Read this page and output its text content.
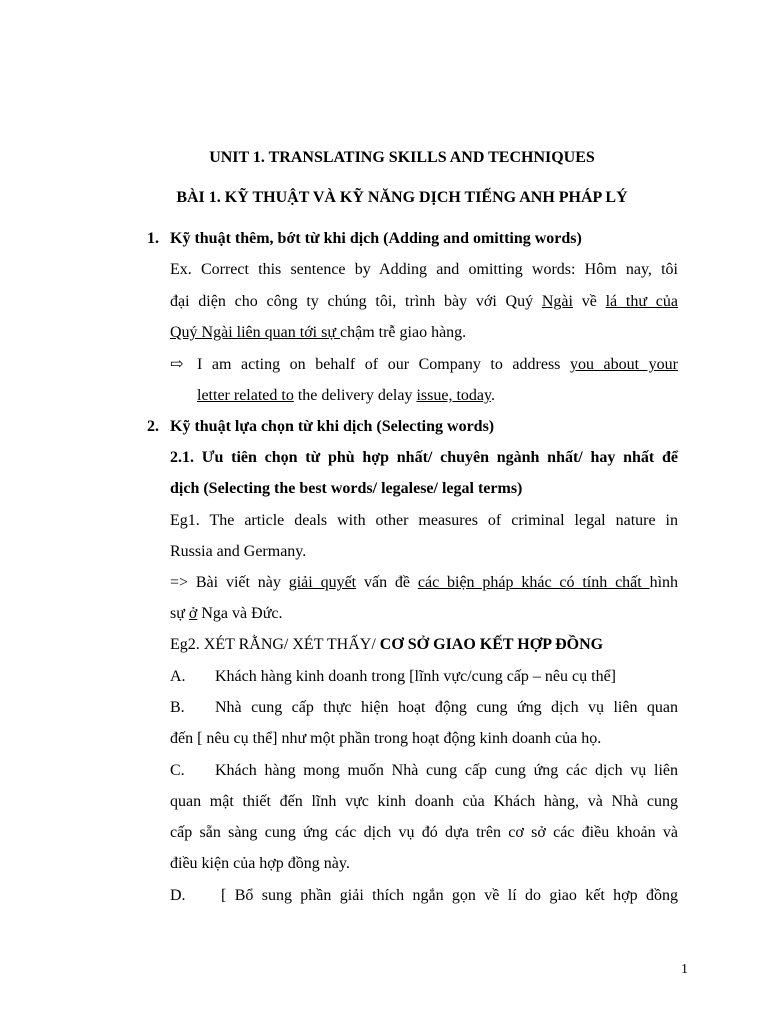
UNIT 1. TRANSLATING SKILLS AND TECHNIQUES
BÀI 1. KỸ THUẬT VÀ KỸ NĂNG DỊCH TIẾNG ANH PHÁP LÝ
1. Kỹ thuật thêm, bớt từ khi dịch (Adding and omitting words)
Ex. Correct this sentence by Adding and omitting words: Hôm nay, tôi
đại diện cho công ty chúng tôi, trình bày với Quý Ngài về lá thư của
Quý Ngài liên quan tới sự chậm trễ giao hàng.
⇨ I am acting on behalf of our Company to address you about your
letter related to the delivery delay issue, today.
2. Kỹ thuật lựa chọn từ khi dịch (Selecting words)
2.1. Ưu tiên chọn từ phù hợp nhất/ chuyên ngành nhất/ hay nhất để
dịch (Selecting the best words/ legalese/ legal terms)
Eg1. The article deals with other measures of criminal legal nature in
Russia and Germany.
=> Bài viết này giải quyết vấn đề các biện pháp khác có tính chất hình
sự ở Nga và Đức.
Eg2. XÉT RẰNG/ XÉT THẤY/ CƠ SỞ GIAO KẾT HỢP ĐỒNG
A. Khách hàng kinh doanh trong [lĩnh vực/cung cấp – nêu cụ thể]
B. Nhà cung cấp thực hiện hoạt động cung ứng dịch vụ liên quan
đến [ nêu cụ thể] như một phần trong hoạt động kinh doanh của họ.
C. Khách hàng mong muốn Nhà cung cấp cung ứng các dịch vụ liên
quan mật thiết đến lĩnh vực kinh doanh của Khách hàng, và Nhà cung
cấp sẵn sàng cung ứng các dịch vụ đó dựa trên cơ sở các điều khoản và
điều kiện của hợp đồng này.
D. [ Bổ sung phần giải thích ngắn gọn về lí do giao kết hợp đồng
1
